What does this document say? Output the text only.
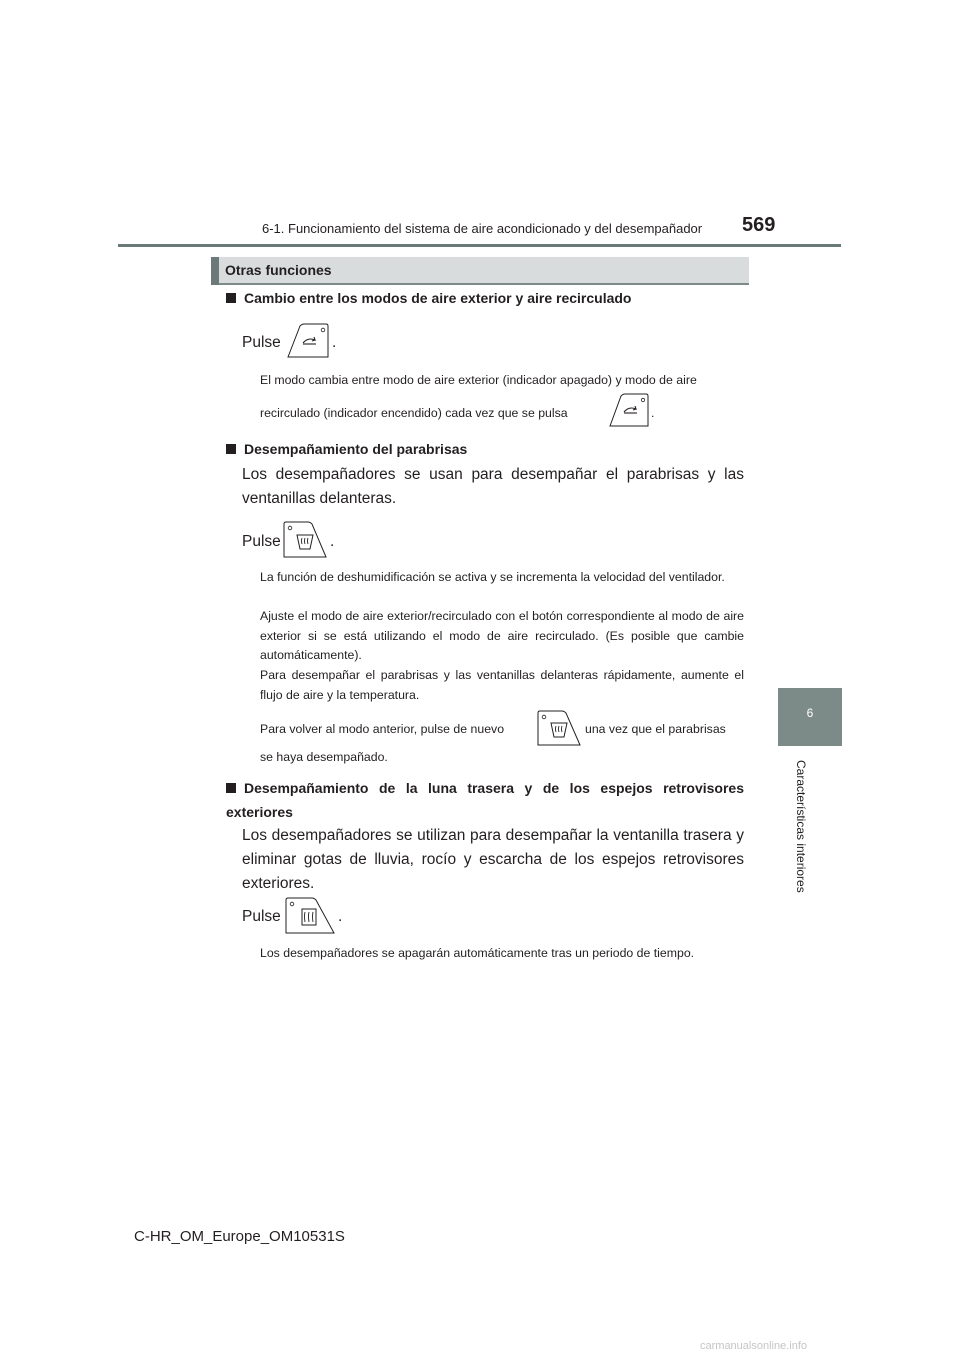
6-1. Funcionamiento del sistema de aire acondicionado y del desempañador 569
6
Características interiores
Otras funciones
Cambio entre los modos de aire exterior y aire recirculado
Pulse	.
El modo cambia entre modo de aire exterior (indicador apagado) y modo de aire
recirculado (indicador encendido) cada vez que se pulsa	.
Desempañamiento del parabrisas
Los desempañadores se usan para desempañar el parabrisas y las ventanillas delanteras.
Pulse	.
La función de deshumidificación se activa y se incrementa la velocidad del ventilador.
Ajuste el modo de aire exterior/recirculado con el botón correspondiente al modo de aire exterior si se está utilizando el modo de aire recirculado. (Es posible que cambie automáticamente).
Para desempañar el parabrisas y las ventanillas delanteras rápidamente, aumente el flujo de aire y la temperatura.
Para volver al modo anterior, pulse de nuevo	una vez que el parabrisas
se haya desempañado.
Desempañamiento de la luna trasera y de los espejos retrovisores exteriores
Los desempañadores se utilizan para desempañar la ventanilla trasera y eliminar gotas de lluvia, rocío y escarcha de los espejos retrovisores exteriores.
Pulse	.
Los desempañadores se apagarán automáticamente tras un periodo de tiempo.
C-HR_OM_Europe_OM10531S
carmanualsonline.info
